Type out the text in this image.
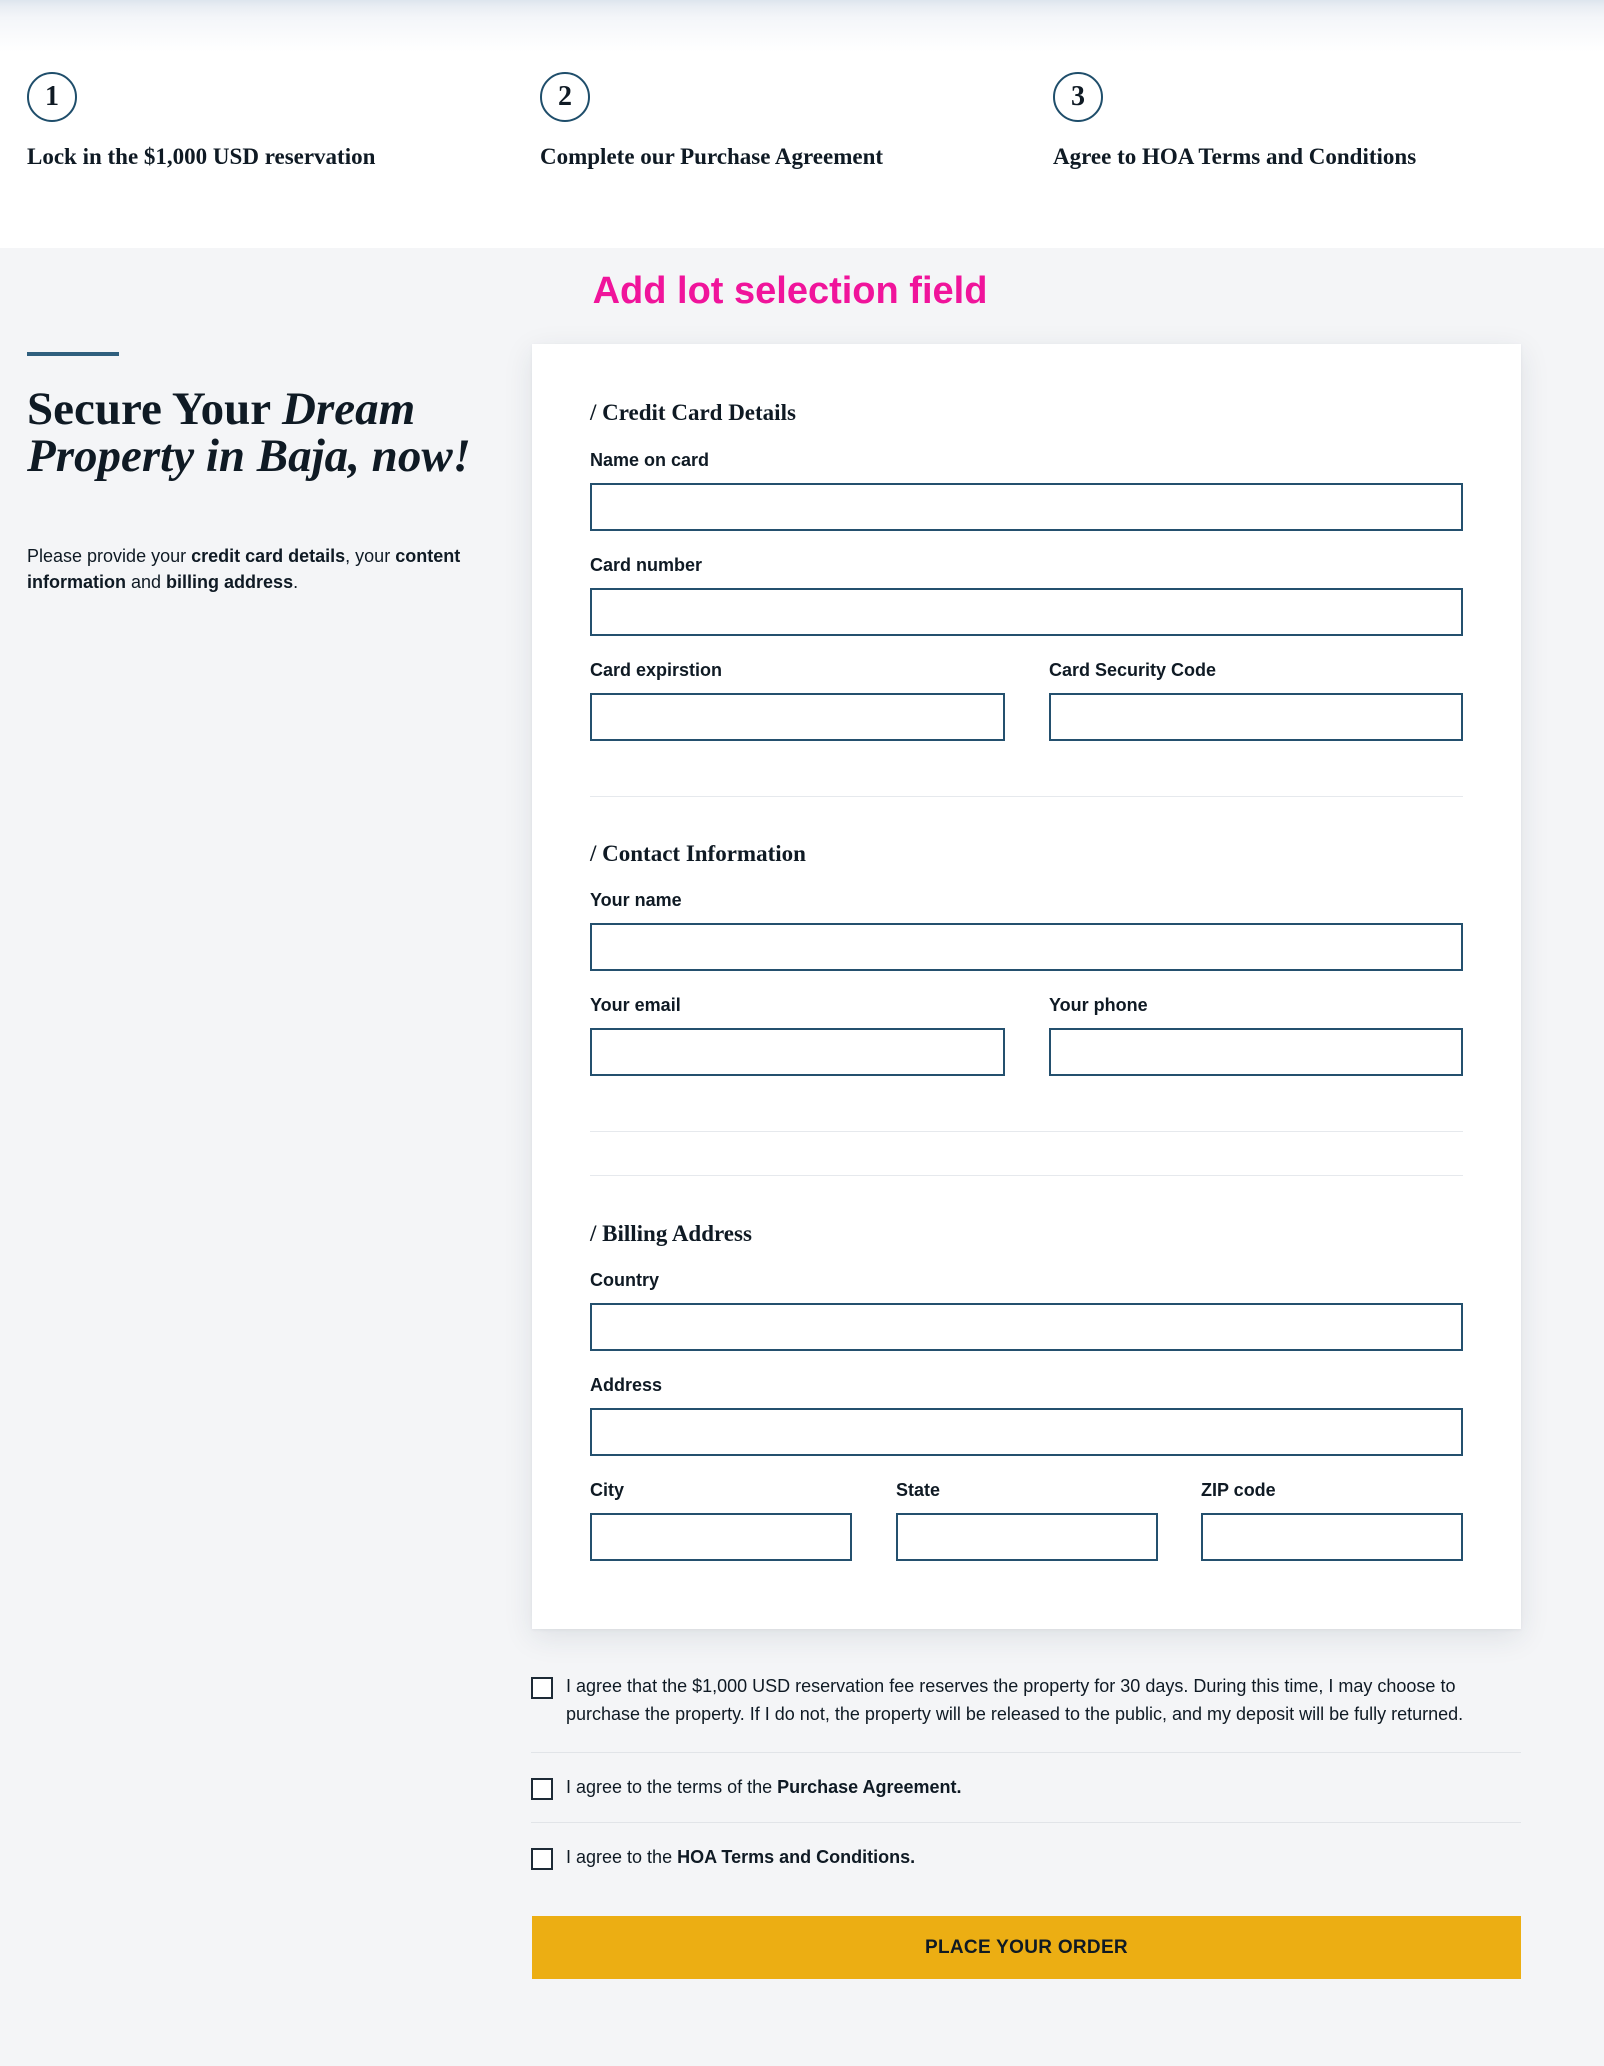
1
Lock in the $1,000 USD reservation
2
Complete our Purchase Agreement
3
Agree to HOA Terms and Conditions
Add lot selection field
Secure Your Dream Property in Baja, now!

Please provide your credit card details, your content information and billing address.

/ Credit Card Details
Name on card
Card number
Card expirstion	Card Security Code
/ Contact Information
Your name
Your email	Your phone
/ Billing Address
Country
Address
City	State	ZIP code
I agree that the $1,000 USD reservation fee reserves the property for 30 days. During this time, I may choose to purchase the property. If I do not, the property will be released to the public, and my deposit will be fully returned.
I agree to the terms of the Purchase Agreement.
I agree to the HOA Terms and Conditions.
PLACE YOUR ORDER
